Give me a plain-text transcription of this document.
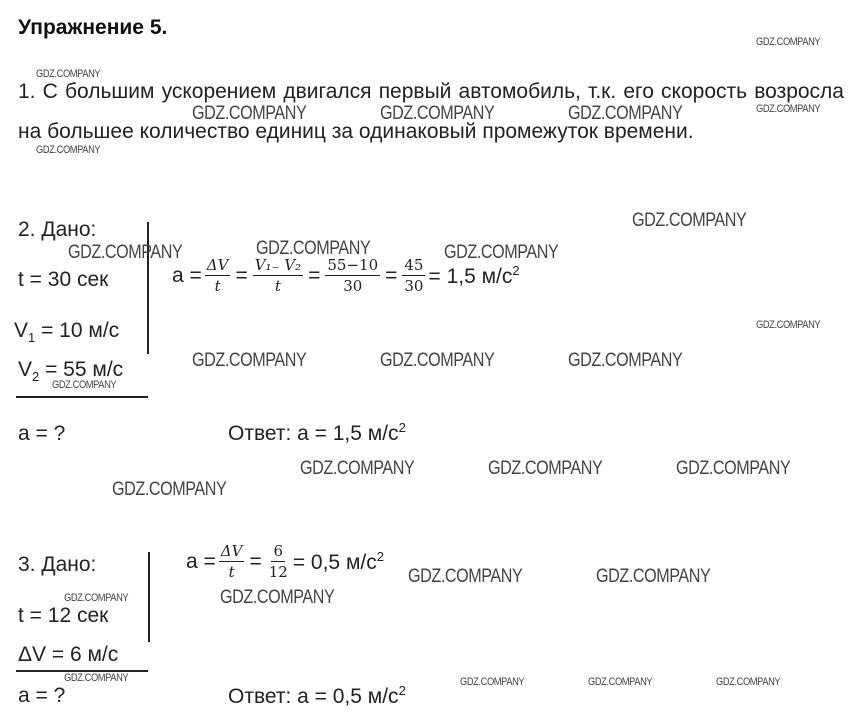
Упражнение 5.

1. С большим ускорением двигался первый автомобиль, т.к. его скорость возросла на большее количество единиц за одинаковый промежуток времени.

2. Дано:
t = 30 сек
$V_1 = 10$ м/с
$V_2 = 55$ м/с
a = ?
$a = \frac{\Delta V}{t} = \frac{\text{V₁₋ V₂}}{t} = \frac{55-10}{30} = \frac{45}{30} = 1,5$ $м/с^2$
Ответ: a = 1,5 $м/с^2$
3. Дано:
t = 12 сек
ΔV = 6 м/с
a = ?
$a = \frac{\Delta V}{t} = \frac{6}{12} = 0,5$ $м/с^2$
Ответ: a = 0,5 $м/с^2$
GDZ.COMPANY
GDZ.COMPANY
GDZ.COMPANY	GDZ.COMPANY	GDZ.COMPANY	GDZ.COMPANY
GDZ.COMPANY
GDZ.COMPANY
GDZ.COMPANY	GDZ.COMPANY	GDZ.COMPANY
GDZ.COMPANY
GDZ.COMPANY	GDZ.COMPANY	GDZ.COMPANY
GDZ.COMPANY
GDZ.COMPANY	GDZ.COMPANY	GDZ.COMPANY
GDZ.COMPANY
GDZ.COMPANY	GDZ.COMPANY
GDZ.COMPANY	GDZ.COMPANY
GDZ.COMPANY	GDZ.COMPANY	GDZ.COMPANY	GDZ.COMPANY
